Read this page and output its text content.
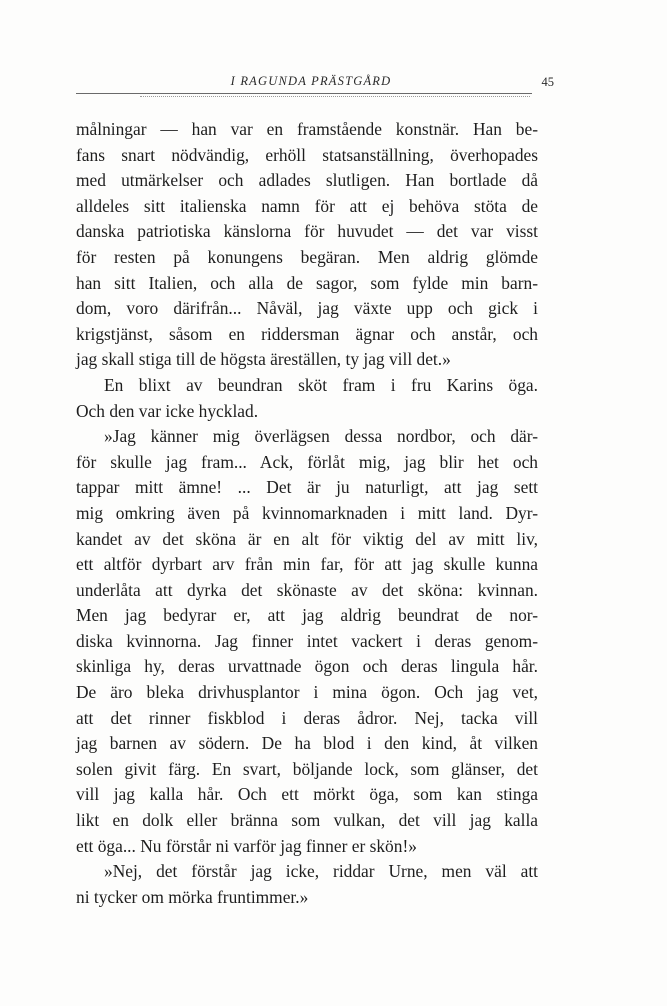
I RAGUNDA PRÄSTGÅRD	45
målningar — han var en framstående konstnär. Han be-
fans snart nödvändig, erhöll statsanställning, överhopades
med utmärkelser och adlades slutligen. Han bortlade då
alldeles sitt italienska namn för att ej behöva stöta de
danska patriotiska känslorna för huvudet — det var visst
för resten på konungens begäran. Men aldrig glömde
han sitt Italien, och alla de sagor, som fylde min barn-
dom, voro därifrån... Nåväl, jag växte upp och gick i
krigstjänst, såsom en riddersman ägnar och anstår, och
jag skall stiga till de högsta äreställen, ty jag vill det.»
En blixt av beundran sköt fram i fru Karins öga.
Och den var icke hycklad.
»Jag känner mig överlägsen dessa nordbor, och där-
för skulle jag fram... Ack, förlåt mig, jag blir het och
tappar mitt ämne! ... Det är ju naturligt, att jag sett
mig omkring även på kvinnomarknaden i mitt land. Dyr-
kandet av det sköna är en alt för viktig del av mitt liv,
ett altför dyrbart arv från min far, för att jag skulle kunna
underlåta att dyrka det skönaste av det sköna: kvinnan.
Men jag bedyrar er, att jag aldrig beundrat de nor-
diska kvinnorna. Jag finner intet vackert i deras genom-
skinliga hy, deras urvattnade ögon och deras lingula hår.
De äro bleka drivhusplantor i mina ögon. Och jag vet,
att det rinner fiskblod i deras ådror. Nej, tacka vill
jag barnen av södern. De ha blod i den kind, åt vilken
solen givit färg. En svart, böljande lock, som glänser, det
vill jag kalla hår. Och ett mörkt öga, som kan stinga
likt en dolk eller bränna som vulkan, det vill jag kalla
ett öga... Nu förstår ni varför jag finner er skön!»
»Nej, det förstår jag icke, riddar Urne, men väl att
ni tycker om mörka fruntimmer.»
